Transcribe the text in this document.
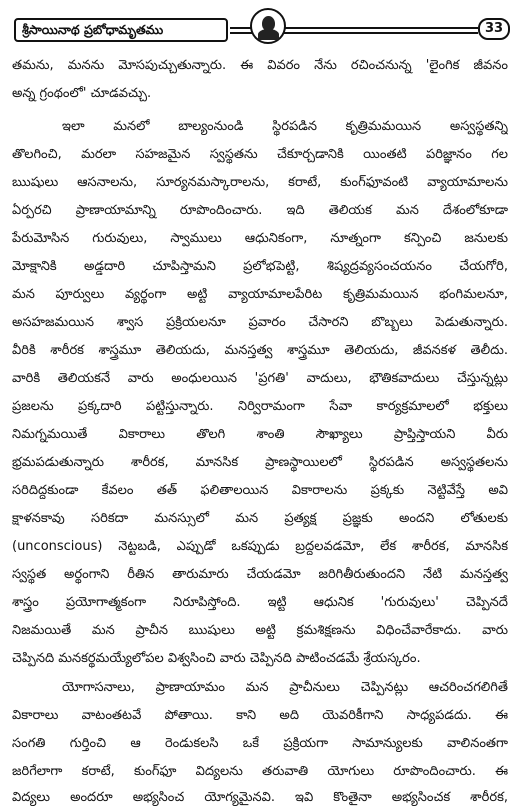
శ్రీసాయినాథ ప్రబోధామృతము	33
తమను, మనను మోసపుచ్చుతున్నారు. ఈ వివరం నేను రచించనున్న 'లైంగిక జీవనం
అన్న గ్రంథంలో' చూడవచ్చు.
ఇలా మనలో బాల్యంనుండి స్థిరపడిన కృత్రిమమయిన అస్వస్థతన్ని
తొలగించి, మరలా సహజమైన స్వస్థతను చేకూర్చడానికి యింతటి పరిజ్ఞానం గల
ఋషులు ఆసనాలను, సూర్యనమస్కారాలను, కరాటే, కుంగ్‌ఫూవంటి వ్యాయామాలను
ఏర్పరచి ప్రాణాయామాన్ని రూపొందించారు. ఇది తెలియక మన దేశంలోకూడా
పేరుమోసిన గురువులు, స్వాములు ఆధునికంగా, నూత్నంగా కన్పించి జనులకు
మోక్షానికి అడ్డదారి చూపిస్తామని ప్రలోభపెట్టి, శిష్యద్రవ్యసంచయనం చేయగోరి,
మన పూర్వులు వ్యర్థంగా అట్టి వ్యాయామాలపేరిట కృత్రిమమయిన భంగిమలనూ,
అసహజమయిన శ్వాస ప్రక్రియలనూ ప్రవారం చేసారని బొబ్బలు పెడుతున్నారు.
వీరికి శారీరక శాస్త్రమూ తెలియదు, మనస్తత్వ శాస్త్రమూ తెలియదు, జీవనకళ తెలీదు.
వారికి తెలియకనే వారు అంధులయిన 'ప్రగతి' వాదులు, భౌతికవాదులు చేస్తున్నట్లు
ప్రజలను ప్రక్కదారి పట్టిస్తున్నారు. నిర్విరామంగా సేవా కార్యక్రమాలలో భక్తులు
నిమగ్నమయితే వికారాలు తొలగి శాంతి సౌఖ్యాలు ప్రాప్తిస్తాయని వీరు
భ్రమపడుతున్నారు శారీరక, మానసిక ప్రాణస్థాయిలలో స్థిరపడిన అస్వస్థతలను
సరిదిద్దకుండా కేవలం తత్ ఫలితాలయిన వికారాలను ప్రక్కకు నెట్టివేస్తే అవి
క్షాళనకావు సరికదా మనస్సులో మన ప్రత్యక్ష ప్రజ్ఞకు అందని లోతులకు
(unconscious) నెట్టబడి, ఎప్పుడో ఒకప్పుడు బ్రద్దలవడమో, లేక శారీరక, మానసిక
స్వస్థత అర్థంగాని రీతిన తారుమారు చేయడమో జరిగితీరుతుందని నేటి మనస్తత్వ
శాస్త్రం ప్రయోగాత్మకంగా నిరూపిస్తోంది. ఇట్టి ఆధునిక 'గురువులు' చెప్పినదే
నిజమయితే మన ప్రాచీన ఋషులు అట్టి క్రమశిక్షణను విధించేవారేకాదు. వారు
చెప్పినది మనకర్థమయ్యేలోపల విశ్వసించి వారు చెప్పినది పాటించడమే శ్రేయస్కరం.
యోగాసనాలు, ప్రాణాయామం మన ప్రాచీనులు చెప్పినట్లు ఆచరించగలిగితే
వికారాలు వాటంతటవే పోతాయి. కాని అది యెవరికీగాని సాధ్యపడదు. ఈ
సంగతి గుర్తించి ఆ రెండుకలసి ఒకే ప్రక్రియగా సామాన్యులకు వాలినంతగా
జరిగేలాగా కరాటే, కుంగ్‌ఫూ విద్యలను తరువాతి యోగులు రూపొందించారు. ఈ
విద్యలు అందరూ అభ్యసించ యోగ్యమైనవి. ఇవి కొంతైనా అభ్యసించక శారీరక,
